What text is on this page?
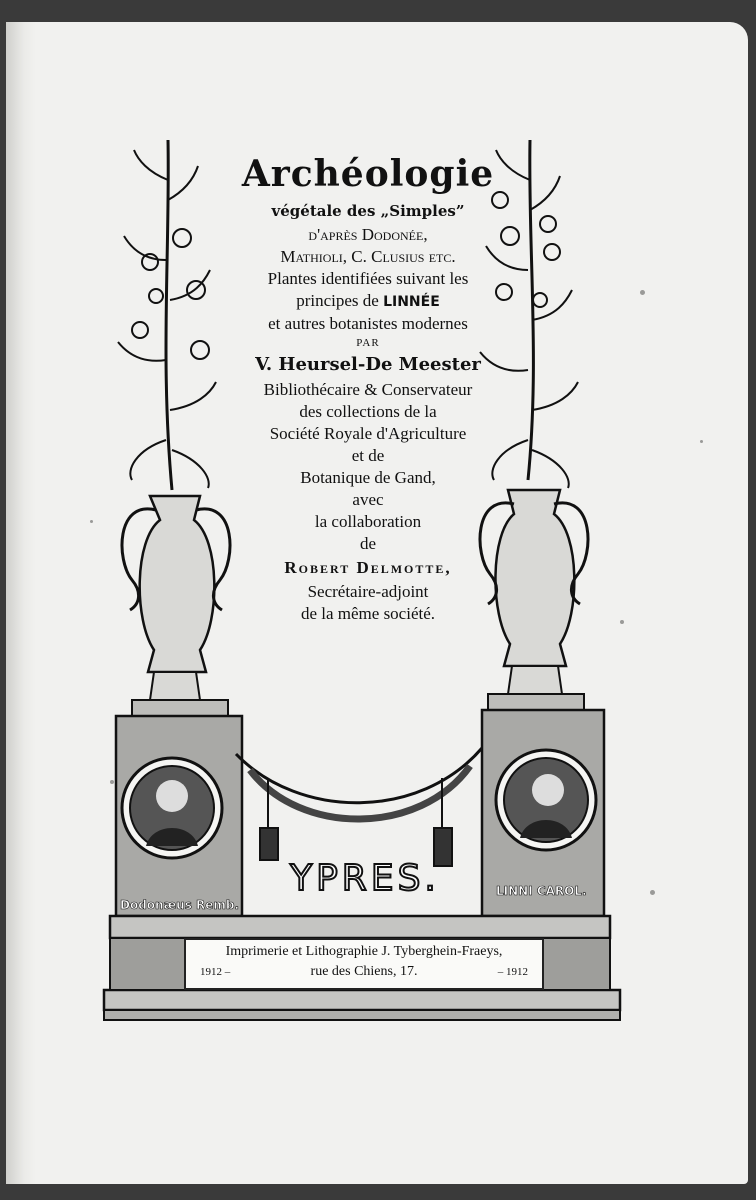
Archéologie
végétale des „Simples”
d'après Dodonée,
Mathioli, C. Clusius etc.
Plantes identifiées suivant les
principes de LINNÉE
et autres botanistes modernes
PAR
V. Heursel-De Meester
Bibliothécaire & Conservateur
des collections de la
Société Royale d'Agriculture
et de
Botanique de Gand,
avec
la collaboration
de
Robert Delmotte,
Secrétaire-adjoint
de la même société.
YPRES.
Dodonæus Remb.
LINNI CAROL.
Imprimerie et Lithographie J. Tyberghein-Fraeys,
rue des Chiens, 17.
1912 –	– 1912
